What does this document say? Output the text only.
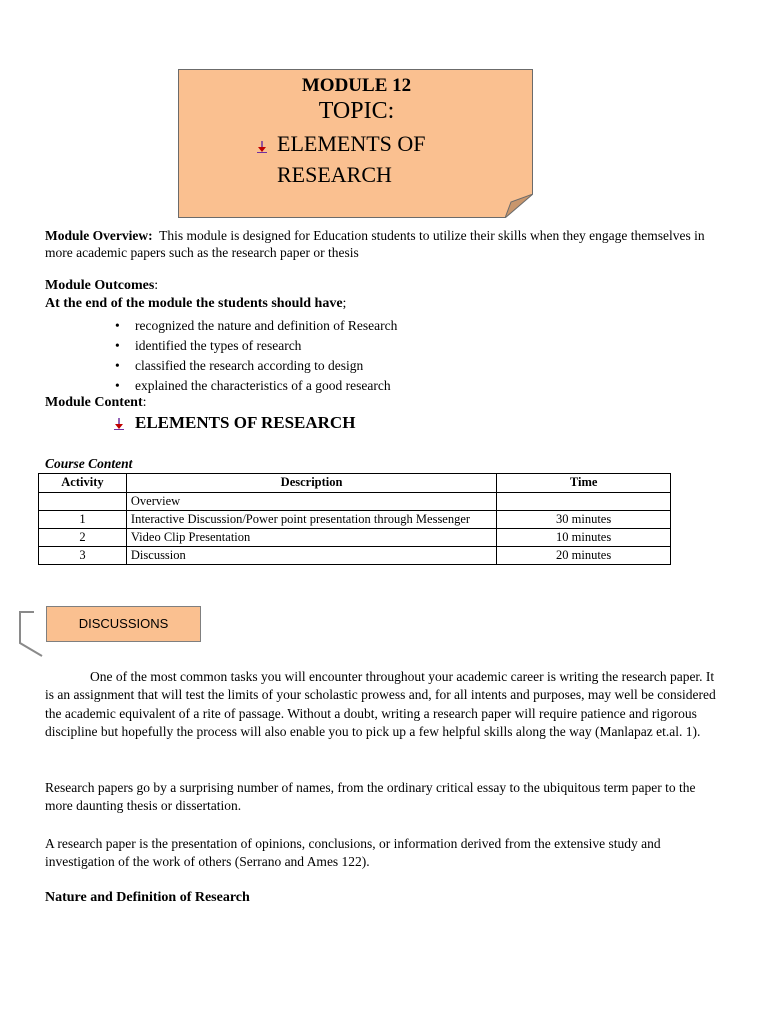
MODULE 12
TOPIC:
ELEMENTS OF
RESEARCH
Module Overview: This module is designed for Education students to utilize their skills when they engage themselves in more academic papers such as the research paper or thesis
Module Outcomes:
At the end of the module the students should have;
• recognized the nature and definition of Research
• identified the types of research
• classified the research according to design
• explained the characteristics of a good research
Module Content:
ELEMENTS OF RESEARCH
Course Content
Activity	Description	Time
	Overview	
1	Interactive Discussion/Power point presentation through Messenger	30 minutes
2	Video Clip Presentation	10 minutes
3	Discussion	20 minutes
DISCUSSIONS
One of the most common tasks you will encounter throughout your academic career is writing the research paper. It is an assignment that will test the limits of your scholastic prowess and, for all intents and purposes, may well be considered the academic equivalent of a rite of passage. Without a doubt, writing a research paper will require patience and rigorous discipline but hopefully the process will also enable you to pick up a few helpful skills along the way (Manlapaz et.al. 1).
Research papers go by a surprising number of names, from the ordinary critical essay to the ubiquitous term paper to the more daunting thesis or dissertation.
A research paper is the presentation of opinions, conclusions, or information derived from the extensive study and investigation of the work of others (Serrano and Ames 122).
Nature and Definition of Research
